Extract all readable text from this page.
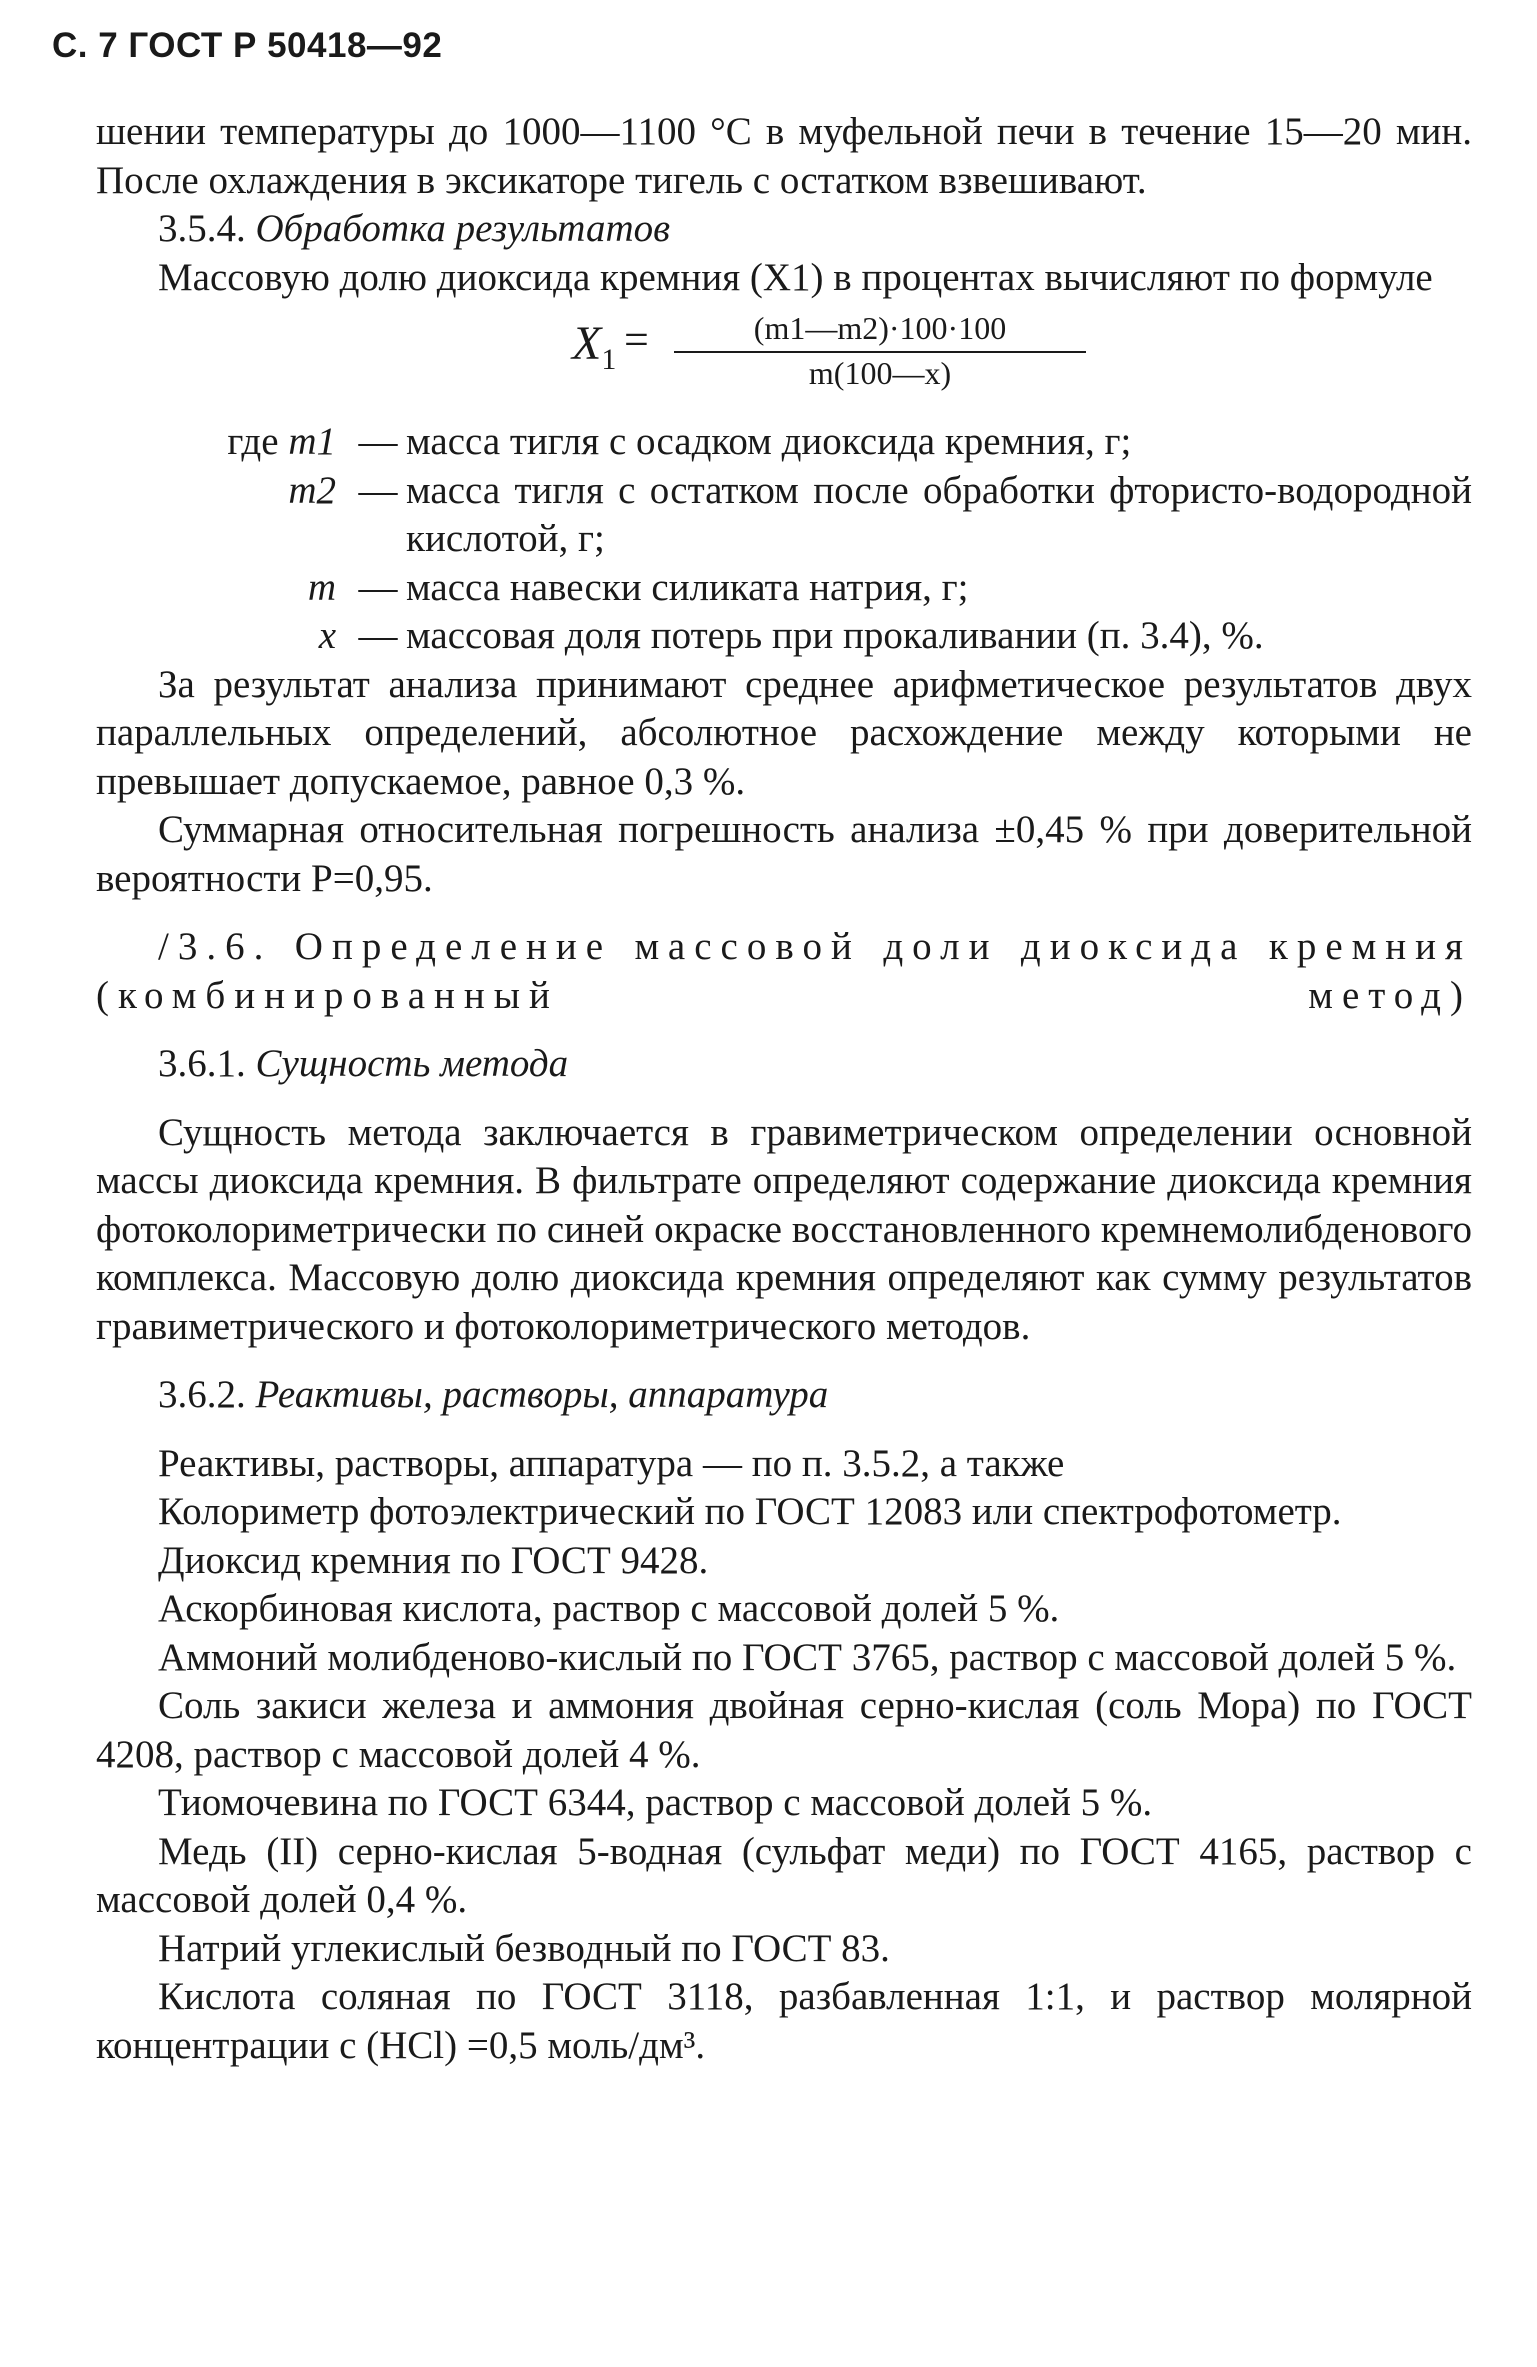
С. 7 ГОСТ Р 50418—92

шении температуры до 1000—1100 °С в муфельной печи в течение 15—20 мин. После охлаждения в эксикаторе тигель с остатком взвешивают.

3.5.4. Обработка результатов

Массовую долю диоксида кремния (X1) в процентах вычисляют по формуле

$X_1 = \frac{(m1—m2)\cdot 100\cdot 100}{m(100—x)}$
где m1 — масса тигля с осадком диоксида кремния, г;
m2 — масса тигля с остатком после обработки фтористо-водородной кислотой, г;
m — масса навески силиката натрия, г;
x — массовая доля потерь при прокаливании (п. 3.4), %.

За результат анализа принимают среднее арифметическое результатов двух параллельных определений, абсолютное расхождение между которыми не превышает допускаемое, равное 0,3 %.

Суммарная относительная погрешность анализа ±0,45 % при доверительной вероятности P=0,95.

/3.6. Определение массовой доли диоксида кремния (комбинированный метод)

3.6.1. Сущность метода

Сущность метода заключается в гравиметрическом определении основной массы диоксида кремния. В фильтрате определяют содержание диоксида кремния фотоколориметрически по синей окраске восстановленного кремнемолибденового комплекса. Массовую долю диоксида кремния определяют как сумму результатов гравиметрического и фотоколориметрического методов.

3.6.2. Реактивы, растворы, аппаратура

Реактивы, растворы, аппаратура — по п. 3.5.2, а также

Колориметр фотоэлектрический по ГОСТ 12083 или спектрофотометр.

Диоксид кремния по ГОСТ 9428.

Аскорбиновая кислота, раствор с массовой долей 5 %.

Аммоний молибденово-кислый по ГОСТ 3765, раствор с массовой долей 5 %.

Соль закиси железа и аммония двойная серно-кислая (соль Мора) по ГОСТ 4208, раствор с массовой долей 4 %.

Тиомочевина по ГОСТ 6344, раствор с массовой долей 5 %.

Медь (II) серно-кислая 5-водная (сульфат меди) по ГОСТ 4165, раствор с массовой долей 0,4 %.

Натрий углекислый безводный по ГОСТ 83.

Кислота соляная по ГОСТ 3118, разбавленная 1:1, и раствор молярной концентрации c (HCl) =0,5 моль/дм³.
